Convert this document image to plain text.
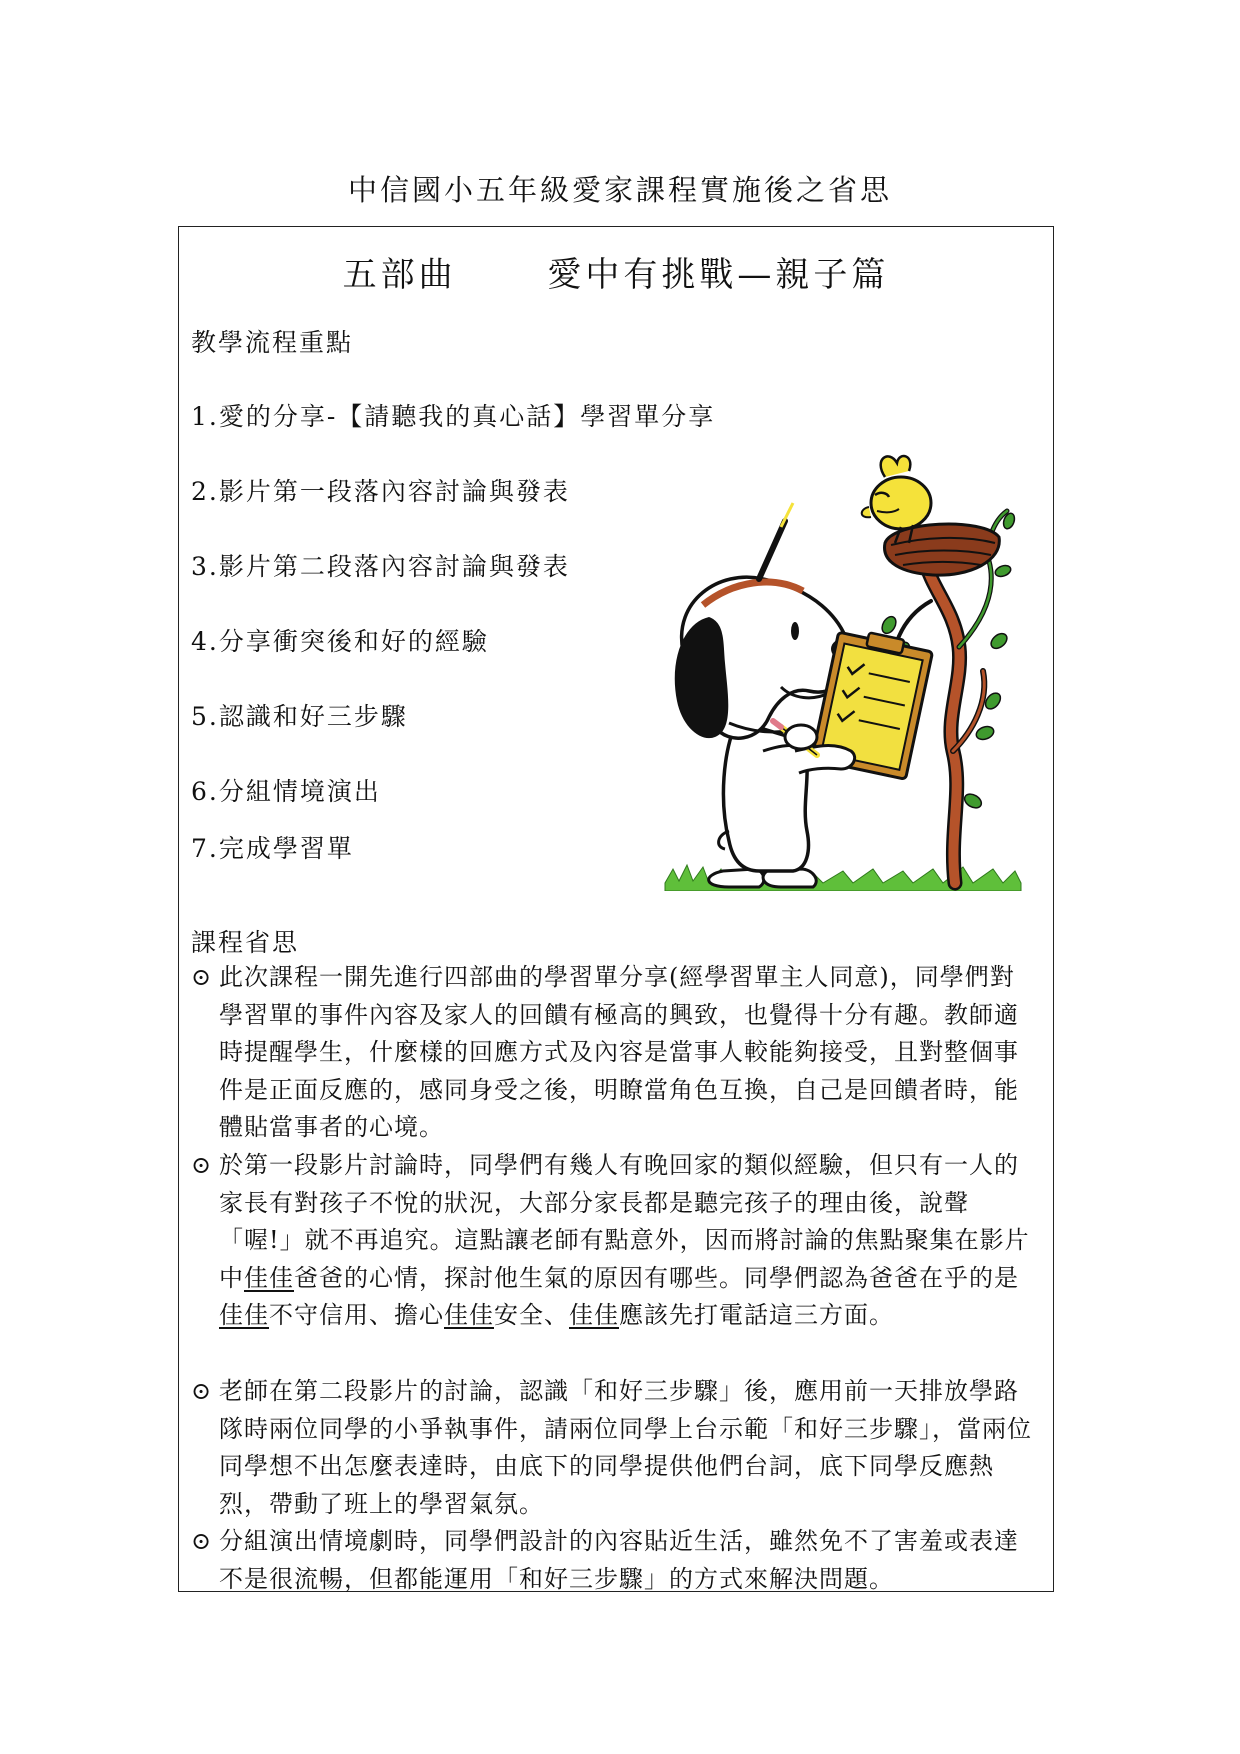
中信國小五年級愛家課程實施後之省思
五部曲　　 愛中有挑戰—親子篇
教學流程重點
1.愛的分享-【請聽我的真心話】學習單分享
2.影片第一段落內容討論與發表
3.影片第二段落內容討論與發表
4.分享衝突後和好的經驗
5.認識和好三步驟
6.分組情境演出
7.完成學習單
課程省思
⊙ 此次課程一開先進行四部曲的學習單分享(經學習單主人同意)，同學們對學習單的事件內容及家人的回饋有極高的興致，也覺得十分有趣。教師適時提醒學生，什麼樣的回應方式及內容是當事人較能夠接受，且對整個事件是正面反應的，感同身受之後，明瞭當角色互換，自己是回饋者時，能體貼當事者的心境。
⊙ 於第一段影片討論時，同學們有幾人有晚回家的類似經驗，但只有一人的家長有對孩子不悅的狀況，大部分家長都是聽完孩子的理由後，說聲「喔!」就不再追究。這點讓老師有點意外，因而將討論的焦點聚集在影片中佳佳爸爸的心情，探討他生氣的原因有哪些。同學們認為爸爸在乎的是佳佳不守信用、擔心佳佳安全、佳佳應該先打電話這三方面。
⊙ 老師在第二段影片的討論，認識「和好三步驟」後，應用前一天排放學路隊時兩位同學的小爭執事件，請兩位同學上台示範「和好三步驟」，當兩位同學想不出怎麼表達時，由底下的同學提供他們台詞，底下同學反應熱烈，帶動了班上的學習氣氛。
⊙ 分組演出情境劇時，同學們設計的內容貼近生活，雖然免不了害羞或表達不是很流暢，但都能運用「和好三步驟」的方式來解決問題。
